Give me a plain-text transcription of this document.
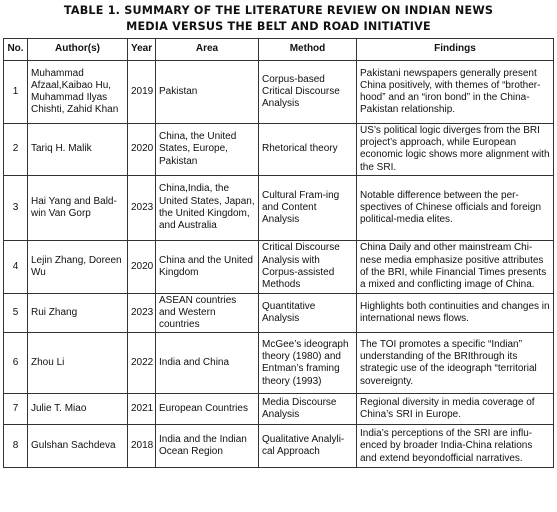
TABLE 1. SUMMARY OF THE LITERATURE REVIEW ON INDIAN NEWS
MEDIA VERSUS THE BELT AND ROAD INITIATIVE
No.	Author(s)	Year	Area	Method	Findings
1	Muhammad Afzaal,Kaibao Hu, Muhammad Ilyas Chishti, Zahid Khan	2019	Pakistan	Corpus-based Critical Discourse Analysis	Pakistani newspapers generally present China positively, with themes of “brother-hood” and an “iron bond” in the China-Pakistan relationship.
2	Tariq H. Malik	2020	China, the United States, Europe, Pakistan	Rhetorical theory	US’s political logic diverges from the BRI project’s approach, while European economic logic shows more alignment with the SRI.
3	Hai Yang and Bald-win Van Gorp	2023	China,India, the United States, Japan, the United Kingdom, and Australia	Cultural Fram-ing and Content Analysis	Notable difference between the per-spectives of Chinese officials and foreign political-media elites.
4	Lejin Zhang, Doreen Wu	2020	China and the United Kingdom	Critical Discourse Analysis with Corpus-assisted Methods	China Daily and other mainstream Chi-nese media emphasize positive attributes of the BRI, while Financial Times presents a mixed and conflicting image of China.
5	Rui Zhang	2023	ASEAN countries and Western countries	Quantitative Analysis	Highlights both continuities and changes in international news flows.
6	Zhou Li	2022	India and China	McGee’s ideograph theory (1980) and Entman’s framing theory (1993)	The TOI promotes a specific “Indian” understanding of the BRIthrough its strategic use of the ideograph “territorial sovereignty.
7	Julie T. Miao	2021	European Countries	Media Discourse Analysis	Regional diversity in media coverage of China’s SRI in Europe.
8	Gulshan Sachdeva	2018	India and the Indian Ocean Region	Qualitative Analyli-cal Approach	India’s perceptions of the SRI are influ-enced by broader India-China relations and extend beyondofficial narratives.
